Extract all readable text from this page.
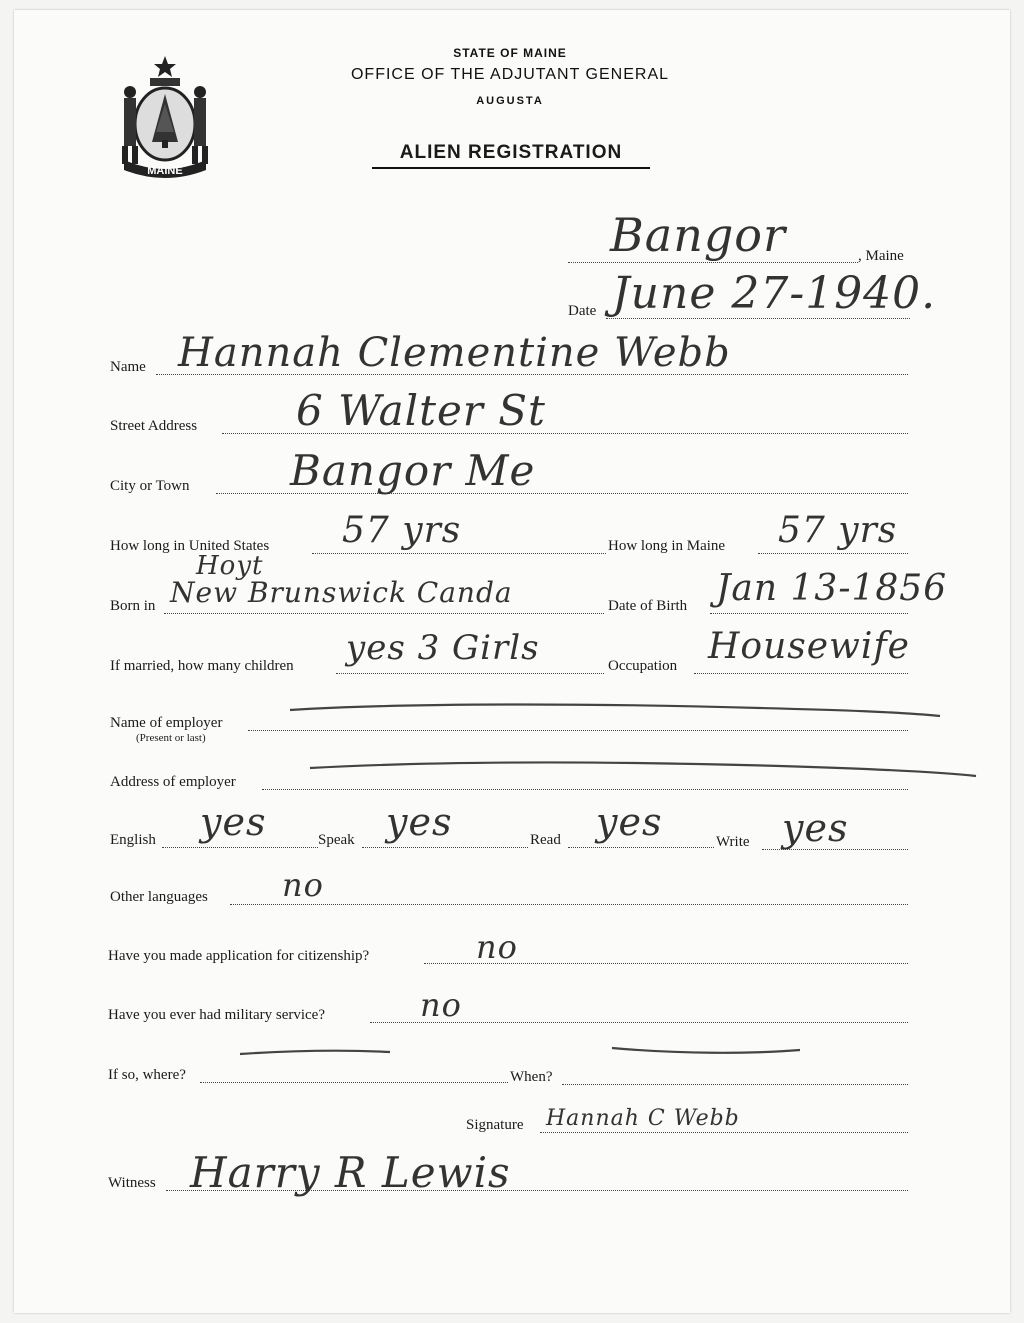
MAINE
STATE OF MAINE
OFFICE OF THE ADJUTANT GENERAL
AUGUSTA
ALIEN REGISTRATION
Bangor	, Maine
Date June 27-1940.
Name Hannah Clementine Webb
Street Address 6 Walter St
City or Town Bangor Me
How long in United States 57 yrs	How long in Maine 57 yrs
Hoyt
Born in New Brunswick Canda	Date of Birth Jan 13-1856
If married, how many children yes 3 Girls	Occupation Housewife
Name of employer
(Present or last)
Address of employer
English yes	Speak yes	Read yes	Write yes
Other languages no
Have you made application for citizenship?	no
Have you ever had military service?	no
If so, where?	When?
Signature Hannah C Webb
Witness Harry R Lewis
